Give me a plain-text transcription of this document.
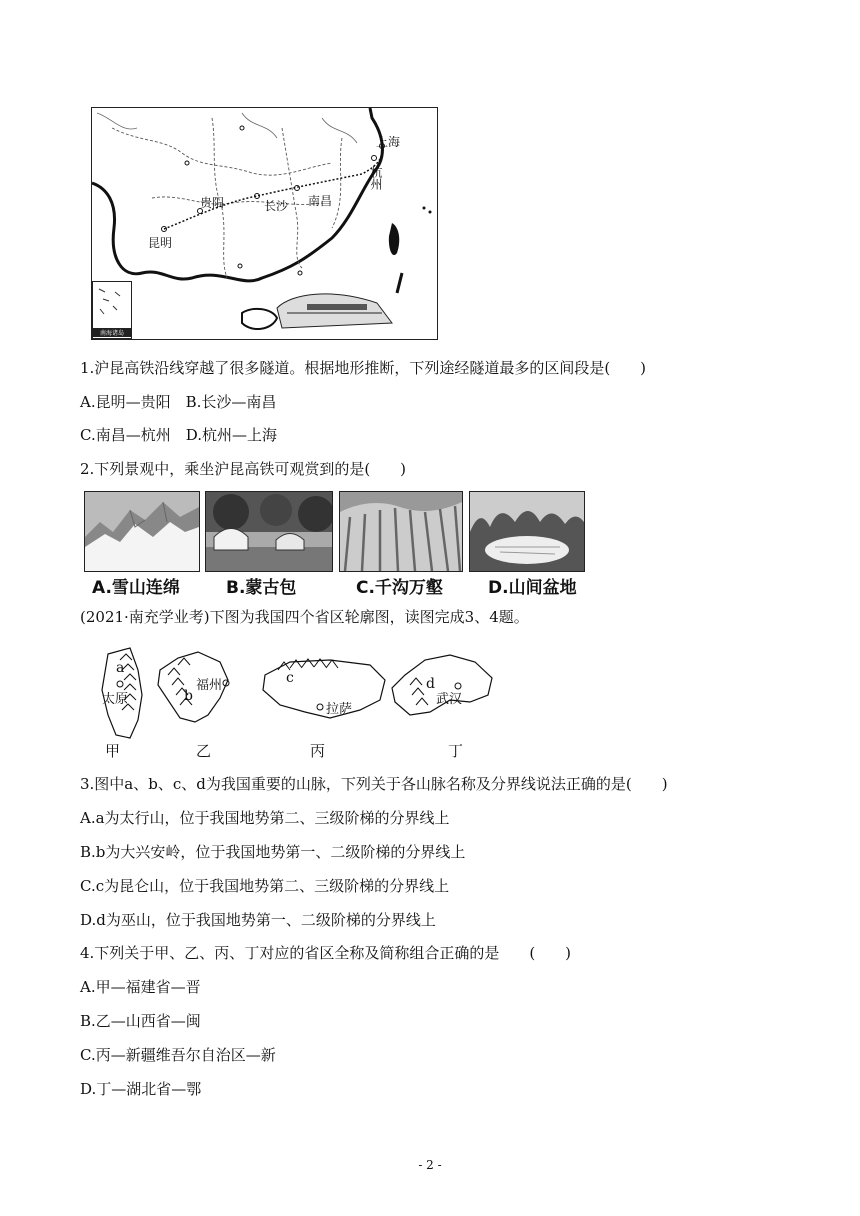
南海诸岛
上海
杭州
南昌
长沙
贵阳
昆明
1.沪昆高铁沿线穿越了很多隧道。根据地形推断，下列途经隧道最多的区间段是(　　)
A.昆明—贵阳　B.长沙—南昌
C.南昌—杭州　D.杭州—上海
2.下列景观中，乘坐沪昆高铁可观赏到的是(　　)
A.雪山连绵	B.蒙古包	C.千沟万壑	D.山间盆地
(2021·南充学业考)下图为我国四个省区轮廓图，读图完成3、4题。
a
太原	b
福州	c
拉萨
d
武汉
甲	乙	丙	丁
3.图中a、b、c、d为我国重要的山脉，下列关于各山脉名称及分界线说法正确的是(　　)
A.a为太行山，位于我国地势第二、三级阶梯的分界线上
B.b为大兴安岭，位于我国地势第一、二级阶梯的分界线上
C.c为昆仑山，位于我国地势第二、三级阶梯的分界线上
D.d为巫山，位于我国地势第一、二级阶梯的分界线上
4.下列关于甲、乙、丙、丁对应的省区全称及简称组合正确的是　　(　　)
A.甲—福建省—晋
B.乙—山西省—闽
C.丙—新疆维吾尔自治区—新
D.丁—湖北省—鄂
- 2 -
